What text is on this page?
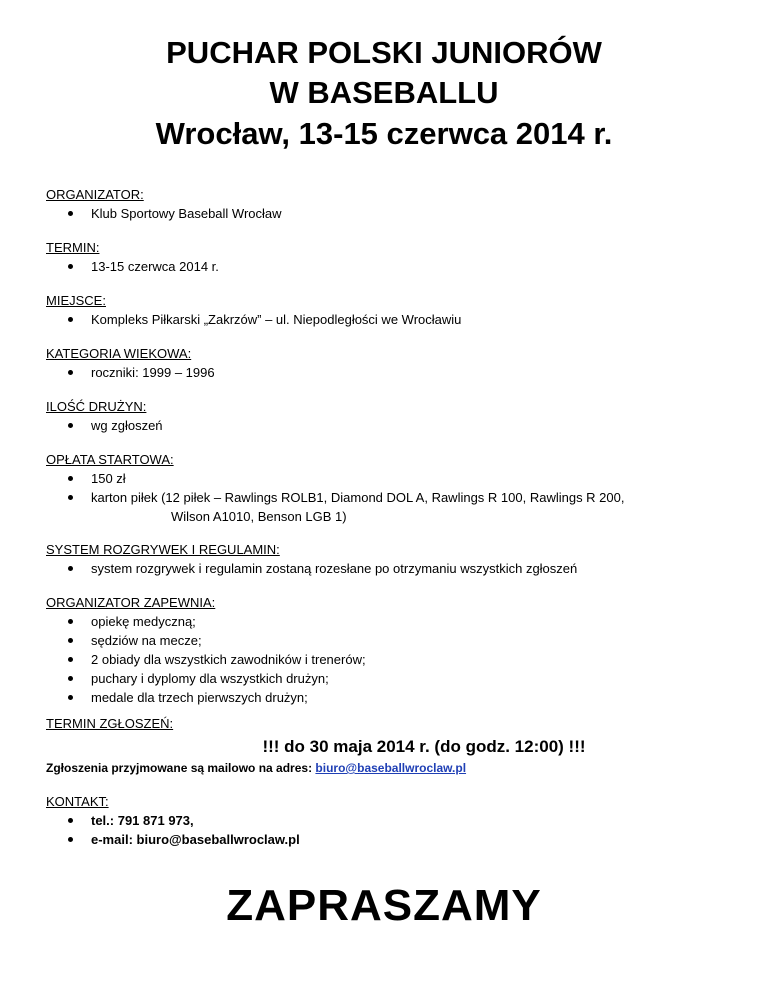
PUCHAR POLSKI JUNIORÓW
W BASEBALLU
Wrocław, 13-15 czerwca 2014 r.
ORGANIZATOR:
Klub Sportowy Baseball Wrocław
TERMIN:
13-15 czerwca 2014 r.
MIEJSCE:
Kompleks Piłkarski „Zakrzów” – ul. Niepodległości we Wrocławiu
KATEGORIA WIEKOWA:
roczniki: 1999 – 1996
ILOŚĆ DRUŻYN:
wg zgłoszeń
OPŁATA STARTOWA:
150 zł
karton piłek (12 piłek – Rawlings ROLB1, Diamond DOL A, Rawlings R 100, Rawlings R 200,
Wilson A1010, Benson LGB 1)
SYSTEM ROZGRYWEK I REGULAMIN:
system rozgrywek i regulamin zostaną rozesłane po otrzymaniu wszystkich zgłoszeń
ORGANIZATOR ZAPEWNIA:
opiekę medyczną;
sędziów na mecze;
2 obiady dla wszystkich zawodników i trenerów;
puchary i dyplomy dla wszystkich drużyn;
medale dla trzech pierwszych drużyn;
TERMIN ZGŁOSZEŃ:
!!! do 30 maja 2014 r. (do godz. 12:00) !!!
Zgłoszenia przyjmowane są mailowo na adres: biuro@baseballwroclaw.pl
KONTAKT:
tel.: 791 871 973,
e-mail: biuro@baseballwroclaw.pl
ZAPRASZAMY
